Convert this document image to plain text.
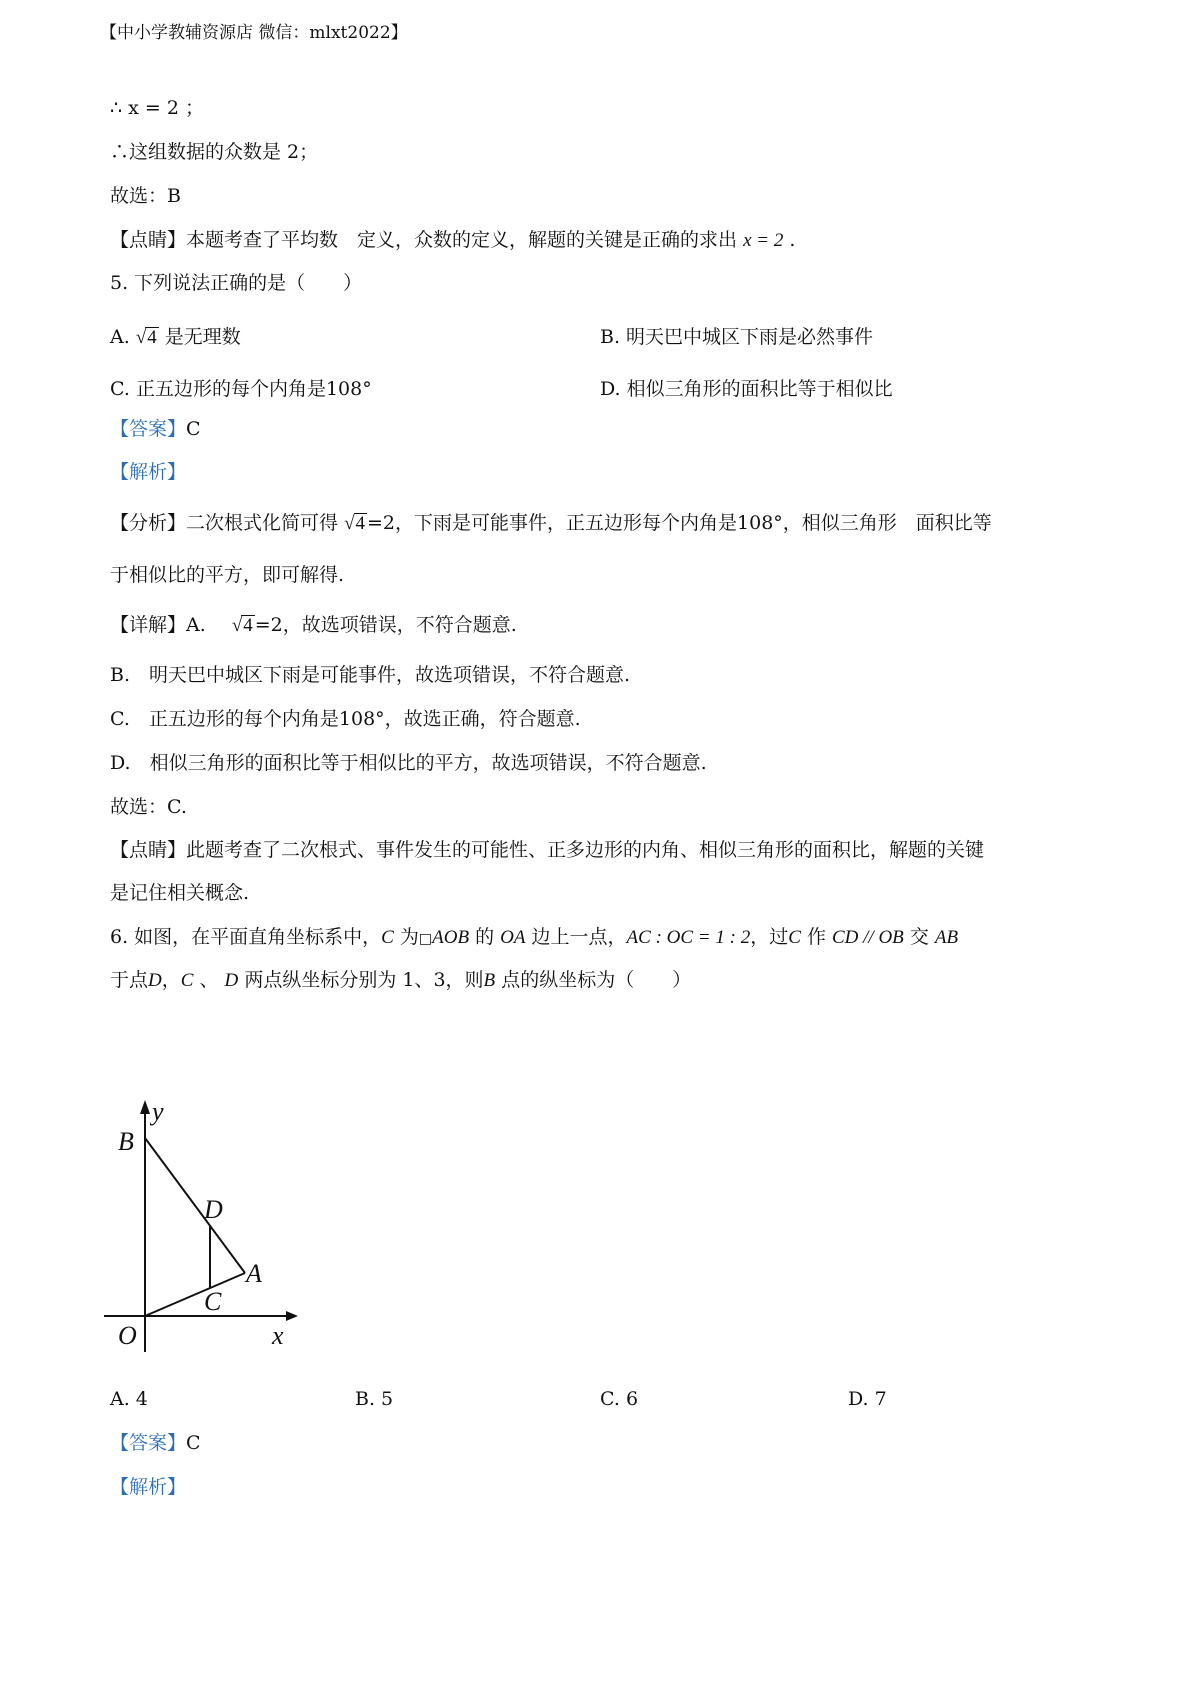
【中小学教辅资源店 微信：mlxt2022】
∴ x = 2 ；
∴这组数据的众数是 2；
故选：B
【点睛】本题考查了平均数　定义，众数的定义，解题的关键是正确的求出 x = 2 .
5. 下列说法正确的是（　　）
A. √4 是无理数	B. 明天巴中城区下雨是必然事件
C. 正五边形的每个内角是108°	D. 相似三角形的面积比等于相似比
【答案】C
【解析】
【分析】二次根式化简可得 √4 =2，下雨是可能事件，正五边形每个内角是108°，相似三角形　面积比等
于相似比的平方，即可解得.
【详解】A. √4 =2，故选项错误，不符合题意.
B.　明天巴中城区下雨是可能事件，故选项错误，不符合题意.
C.　正五边形的每个内角是108°，故选正确，符合题意.
D.　相似三角形的面积比等于相似比的平方，故选项错误，不符合题意.
故选：C.
【点睛】此题考查了二次根式、事件发生的可能性、正多边形的内角、相似三角形的面积比，解题的关键
是记住相关概念.
6. 如图，在平面直角坐标系中，C 为□AOB 的 OA 边上一点，AC : OC = 1 : 2，过C 作 CD // OB 交 AB
于点D，C 、 D 两点纵坐标分别为 1、3，则B 点的纵坐标为（　　）
y
B
D
A
C
O	x
A. 4	B. 5	C. 6	D. 7
【答案】C
【解析】
